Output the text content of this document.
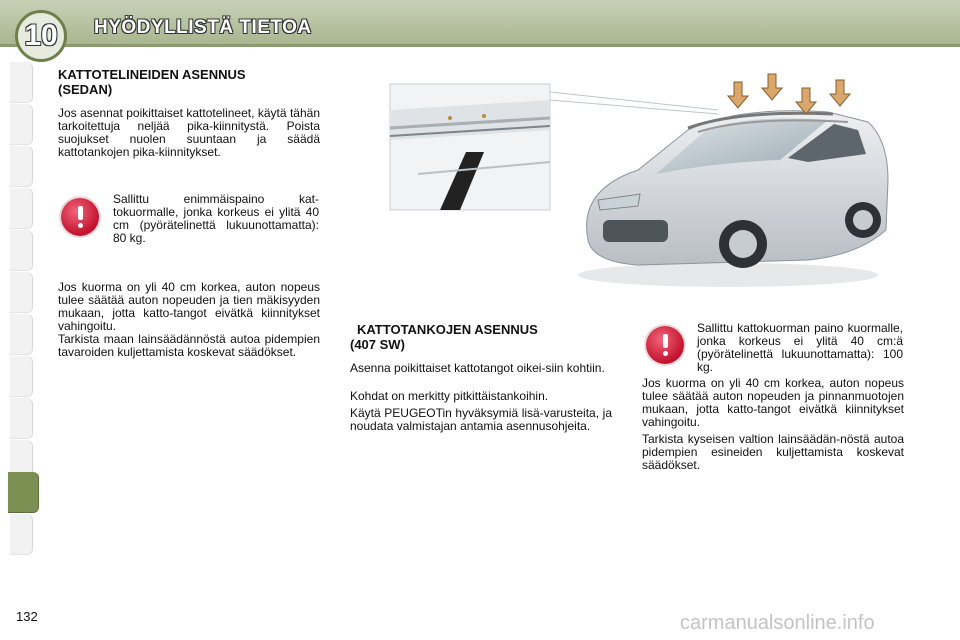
10	HYÖDYLLISTÄ TIETOA
KATTOTELINEIDEN ASENNUS
(SEDAN)

Jos asennat poikittaiset kattotelineet, käytä tähän tarkoitettuja neljää pika-kiinnitystä. Poista suojukset nuolen suuntaan ja säädä kattotankojen pika-kiinnitykset.

Sallittu enimmäispaino kat-tokuormalle, jonka korkeus ei ylitä 40 cm (pyörätelinettä lukuunottamatta): 80 kg.

Jos kuorma on yli 40 cm korkea, auton nopeus tulee säätää auton nopeuden ja tien mäkisyyden mukaan, jotta katto-tangot eivätkä kiinnitykset vahingoitu.

Tarkista maan lainsäädännöstä autoa pidempien tavaroiden kuljettamista koskevat säädökset.

KATTOTANKOJEN ASENNUS
(407 SW)

Asenna poikittaiset kattotangot oikei-siin kohtiin.

Kohdat on merkitty pitkittäistankoihin.

Käytä PEUGEOTin hyväksymiä lisä-varusteita, ja noudata valmistajan antamia asennusohjeita.

Sallittu kattokuorman paino kuormalle, jonka korkeus ei ylitä 40 cm:ä (pyörätelinettä lukuunottamatta): 100 kg.

Jos kuorma on yli 40 cm korkea, auton nopeus tulee säätää auton nopeuden ja pinnanmuotojen mukaan, jotta katto-tangot eivätkä kiinnitykset vahingoitu.

Tarkista kyseisen valtion lainsäädän-nöstä autoa pidempien esineiden kuljettamista koskevat säädökset.

132	carmanualsonline.info
